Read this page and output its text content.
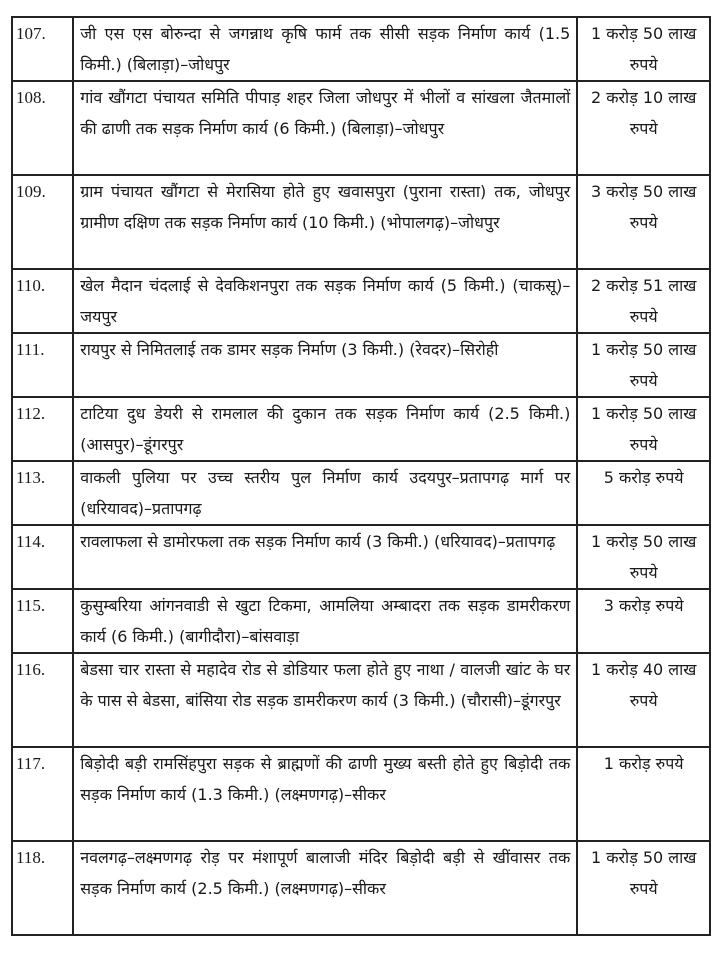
107.	जी एस एस बोरुन्दा से जगन्नाथ कृषि फार्म तक सीसी सड़क निर्माण कार्य (1.5 किमी.) (बिलाड़ा)–जोधपुर	1 करोड़ 50 लाख रुपये
108.	गांव खौंगटा पंचायत समिति पीपाड़ शहर जिला जोधपुर में भीलों व सांखला जैतमालों की ढाणी तक सड़क निर्माण कार्य (6 किमी.) (बिलाड़ा)–जोधपुर	2 करोड़ 10 लाख रुपये
109.	ग्राम पंचायत खौंगटा से मेरासिया होते हुए खवासपुरा (पुराना रास्ता) तक, जोधपुर ग्रामीण दक्षिण तक सड़क निर्माण कार्य (10 किमी.) (भोपालगढ़)–जोधपुर	3 करोड़ 50 लाख रुपये
110.	खेल मैदान चंदलाई से देवकिशनपुरा तक सड़क निर्माण कार्य (5 किमी.) (चाकसू)–जयपुर	2 करोड़ 51 लाख रुपये
111.	रायपुर से निमितलाई तक डामर सड़क निर्माण (3 किमी.) (रेवदर)–सिरोही	1 करोड़ 50 लाख रुपये
112.	टाटिया दुध डेयरी से रामलाल की दुकान तक सड़क निर्माण कार्य (2.5 किमी.) (आसपुर)–डूंगरपुर	1 करोड़ 50 लाख रुपये
113.	वाकली पुलिया पर उच्च स्तरीय पुल निर्माण कार्य उदयपुर–प्रतापगढ़ मार्ग पर (धरियावद)–प्रतापगढ़	5 करोड़ रुपये
114.	रावलाफला से डामोरफला तक सड़क निर्माण कार्य (3 किमी.) (धरियावद)–प्रतापगढ़	1 करोड़ 50 लाख रुपये
115.	कुसुम्बरिया आंगनवाडी से खुटा टिकमा, आमलिया अम्बादरा तक सड़क डामरीकरण कार्य (6 किमी.) (बागीदौरा)–बांसवाड़ा	3 करोड़ रुपये
116.	बेडसा चार रास्ता से महादेव रोड से डोडियार फला होते हुए नाथा / वालजी खांट के घर के पास से बेडसा, बांसिया रोड सड़क डामरीकरण कार्य (3 किमी.) (चौरासी)–डूंगरपुर	1 करोड़ 40 लाख रुपये
117.	बिड़ोदी बड़ी रामसिंहपुरा सड़क से ब्राह्मणों की ढाणी मुख्य बस्ती होते हुए बिड़ोदी तक सड़क निर्माण कार्य (1.3 किमी.) (लक्ष्मणगढ़)–सीकर	1 करोड़ रुपये
118.	नवलगढ़–लक्ष्मणगढ़ रोड़ पर मंशापूर्ण बालाजी मंदिर बिड़ोदी बड़ी से खींवासर तक सड़क निर्माण कार्य (2.5 किमी.) (लक्ष्मणगढ़)–सीकर	1 करोड़ 50 लाख रुपये
